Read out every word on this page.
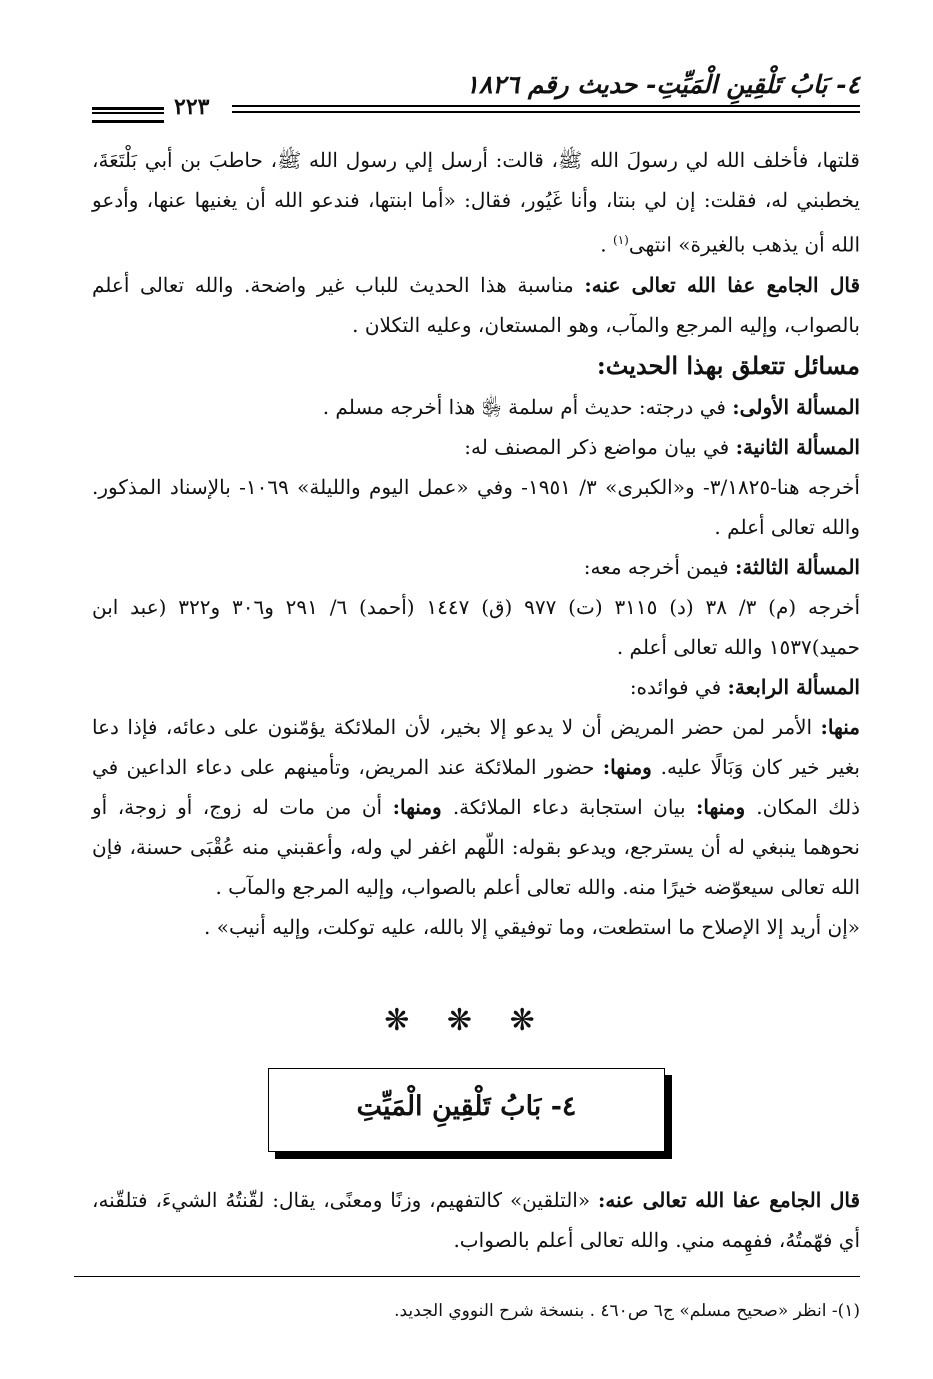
٤- بَابُ تَلْقِينِ الْمَيِّتِ- حديث رقم ١٨٢٦
٢٢٣

قلتها، فأخلف الله لي رسولَ الله ﷺ، قالت: أرسل إلي رسول الله ﷺ، حاطبَ بن أبي بَلْتَعَةَ، يخطبني له، فقلت: إن لي بنتا، وأنا غَيُور، فقال: «أما ابنتها، فندعو الله أن يغنيها عنها، وأدعو الله أن يذهب بالغيرة» انتهى$^{(١)}$ .

قال الجامع عفا الله تعالى عنه: مناسبة هذا الحديث للباب غير واضحة. والله تعالى أعلم بالصواب، وإليه المرجع والمآب، وهو المستعان، وعليه التكلان .

مسائل تتعلق بهذا الحديث:

المسألة الأولى: في درجته: حديث أم سلمة ﵂ هذا أخرجه مسلم .

المسألة الثانية: في بيان مواضع ذكر المصنف له:

أخرجه هنا-٣/١٨٢٥- و«الكبرى» ٣/ ١٩٥١- وفي «عمل اليوم والليلة» ١٠٦٩- بالإسناد المذكور. والله تعالى أعلم .

المسألة الثالثة: فيمن أخرجه معه:

أخرجه (م) ٣/ ٣٨ (د) ٣١١٥ (ت) ٩٧٧ (ق) ١٤٤٧ (أحمد) ٦/ ٢٩١ و٣٠٦ و٣٢٢ (عبد ابن حميد)١٥٣٧ والله تعالى أعلم .

المسألة الرابعة: في فوائده:

منها: الأمر لمن حضر المريض أن لا يدعو إلا بخير، لأن الملائكة يؤمّنون على دعائه، فإذا دعا بغير خير كان وَبَالًا عليه. ومنها: حضور الملائكة عند المريض، وتأمينهم على دعاء الداعين في ذلك المكان. ومنها: بيان استجابة دعاء الملائكة. ومنها: أن من مات له زوج، أو زوجة، أو نحوهما ينبغي له أن يسترجع، ويدعو بقوله: اللّهم اغفر لي وله، وأعقبني منه عُقْبَى حسنة، فإن الله تعالى سيعوّضه خيرًا منه. والله تعالى أعلم بالصواب، وإليه المرجع والمآب .

«إن أريد إلا الإصلاح ما استطعت، وما توفيقي إلا بالله، عليه توكلت، وإليه أنيب» .

❋ ❋ ❋
٤- بَابُ تَلْقِينِ الْمَيِّتِ

قال الجامع عفا الله تعالى عنه: «التلقين» كالتفهيم، وزنًا ومعنًى، يقال: لقّنتُهُ الشيءَ، فتلقّنه، أي فهّمتُهُ، ففهِمه مني. والله تعالى أعلم بالصواب.

(١)- انظر «صحيح مسلم» ج٦ ص٤٦٠ . بنسخة شرح النووي الجديد.
